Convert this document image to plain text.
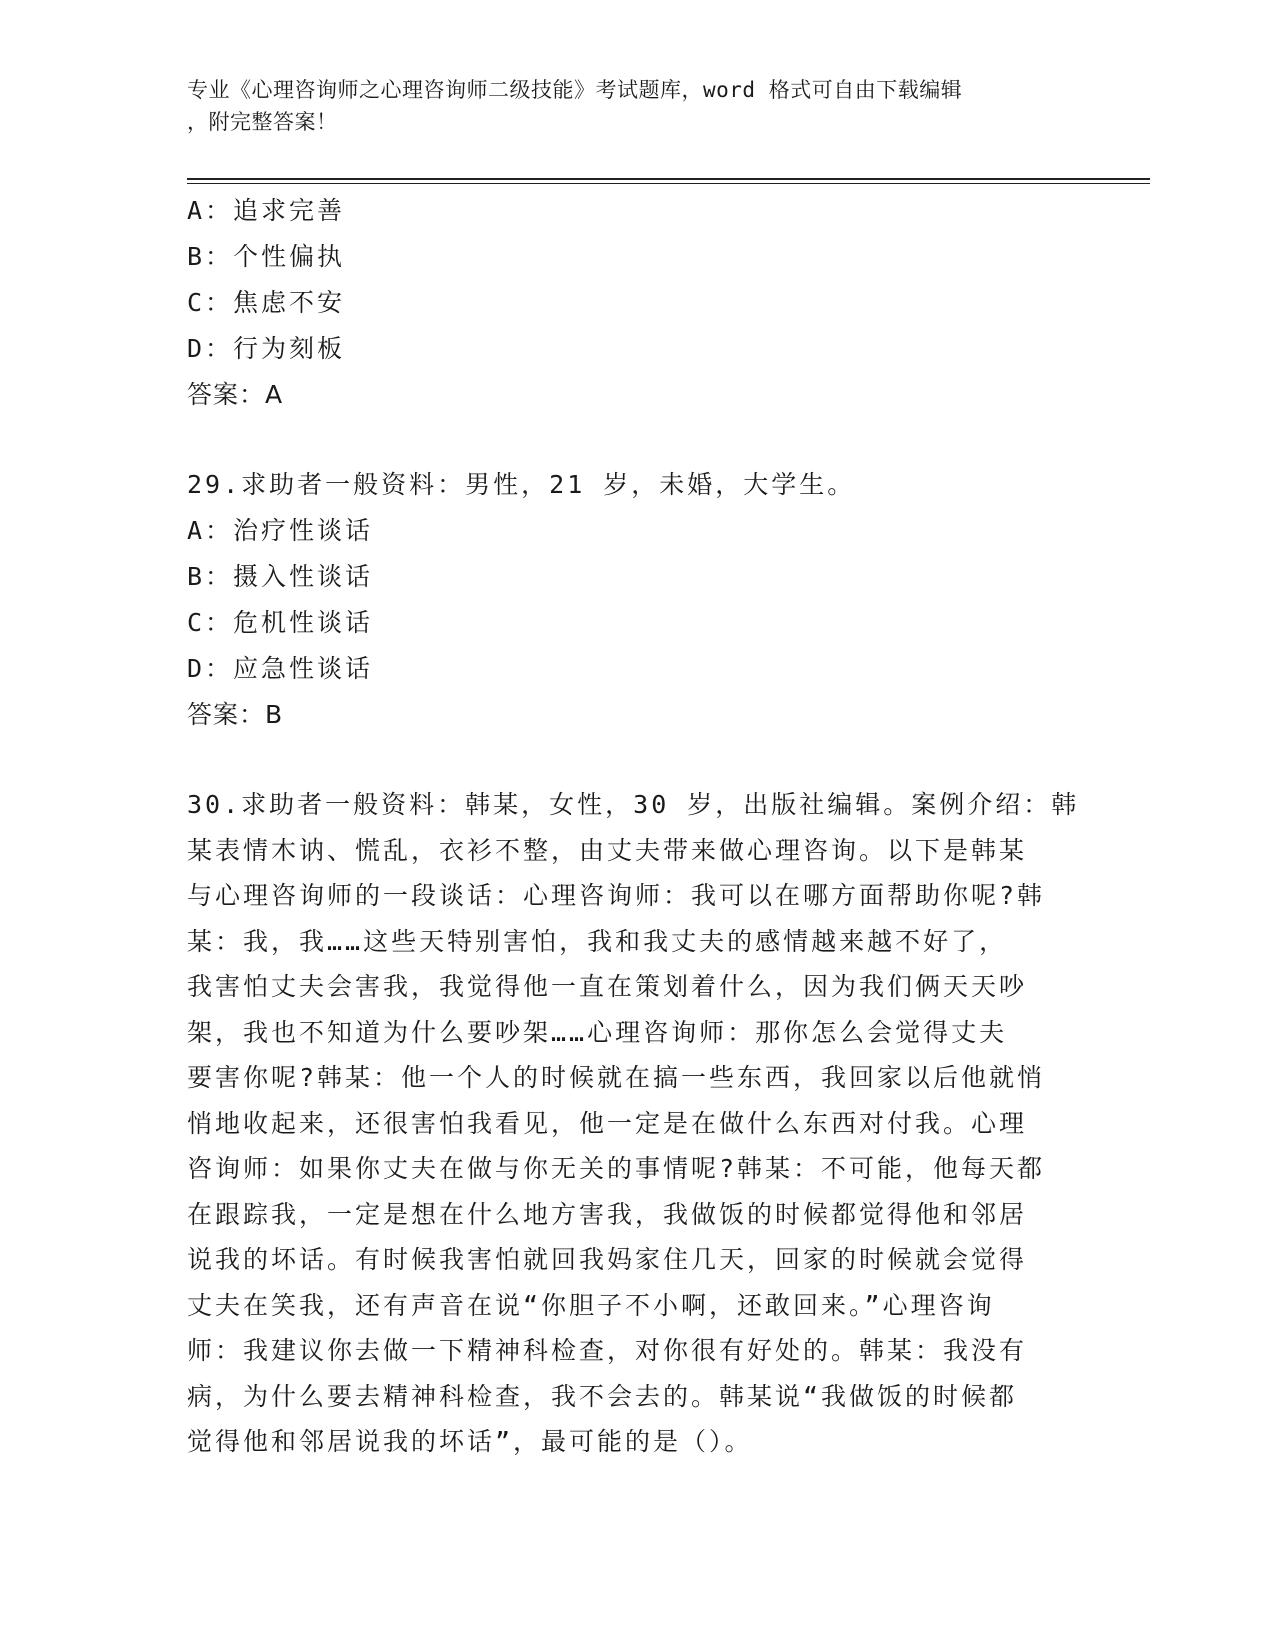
专业《心理咨询师之心理咨询师二级技能》考试题库，word 格式可自由下载编辑
，附完整答案！
A：追求完善
B：个性偏执
C：焦虑不安
D：行为刻板
答案：A
29.求助者一般资料：男性，21 岁，未婚，大学生。
A：治疗性谈话
B：摄入性谈话
C：危机性谈话
D：应急性谈话
答案：B
30.求助者一般资料：韩某，女性，30 岁，出版社编辑。案例介绍：韩
某表情木讷、慌乱，衣衫不整，由丈夫带来做心理咨询。以下是韩某
与心理咨询师的一段谈话：心理咨询师：我可以在哪方面帮助你呢?韩
某：我，我……这些天特别害怕，我和我丈夫的感情越来越不好了，
我害怕丈夫会害我，我觉得他一直在策划着什么，因为我们俩天天吵
架，我也不知道为什么要吵架……心理咨询师：那你怎么会觉得丈夫
要害你呢?韩某：他一个人的时候就在搞一些东西，我回家以后他就悄
悄地收起来，还很害怕我看见，他一定是在做什么东西对付我。心理
咨询师：如果你丈夫在做与你无关的事情呢?韩某：不可能，他每天都
在跟踪我，一定是想在什么地方害我，我做饭的时候都觉得他和邻居
说我的坏话。有时候我害怕就回我妈家住几天，回家的时候就会觉得
丈夫在笑我，还有声音在说“你胆子不小啊，还敢回来。”心理咨询
师：我建议你去做一下精神科检查，对你很有好处的。韩某：我没有
病，为什么要去精神科检查，我不会去的。韩某说“我做饭的时候都
觉得他和邻居说我的坏话”，最可能的是（）。
